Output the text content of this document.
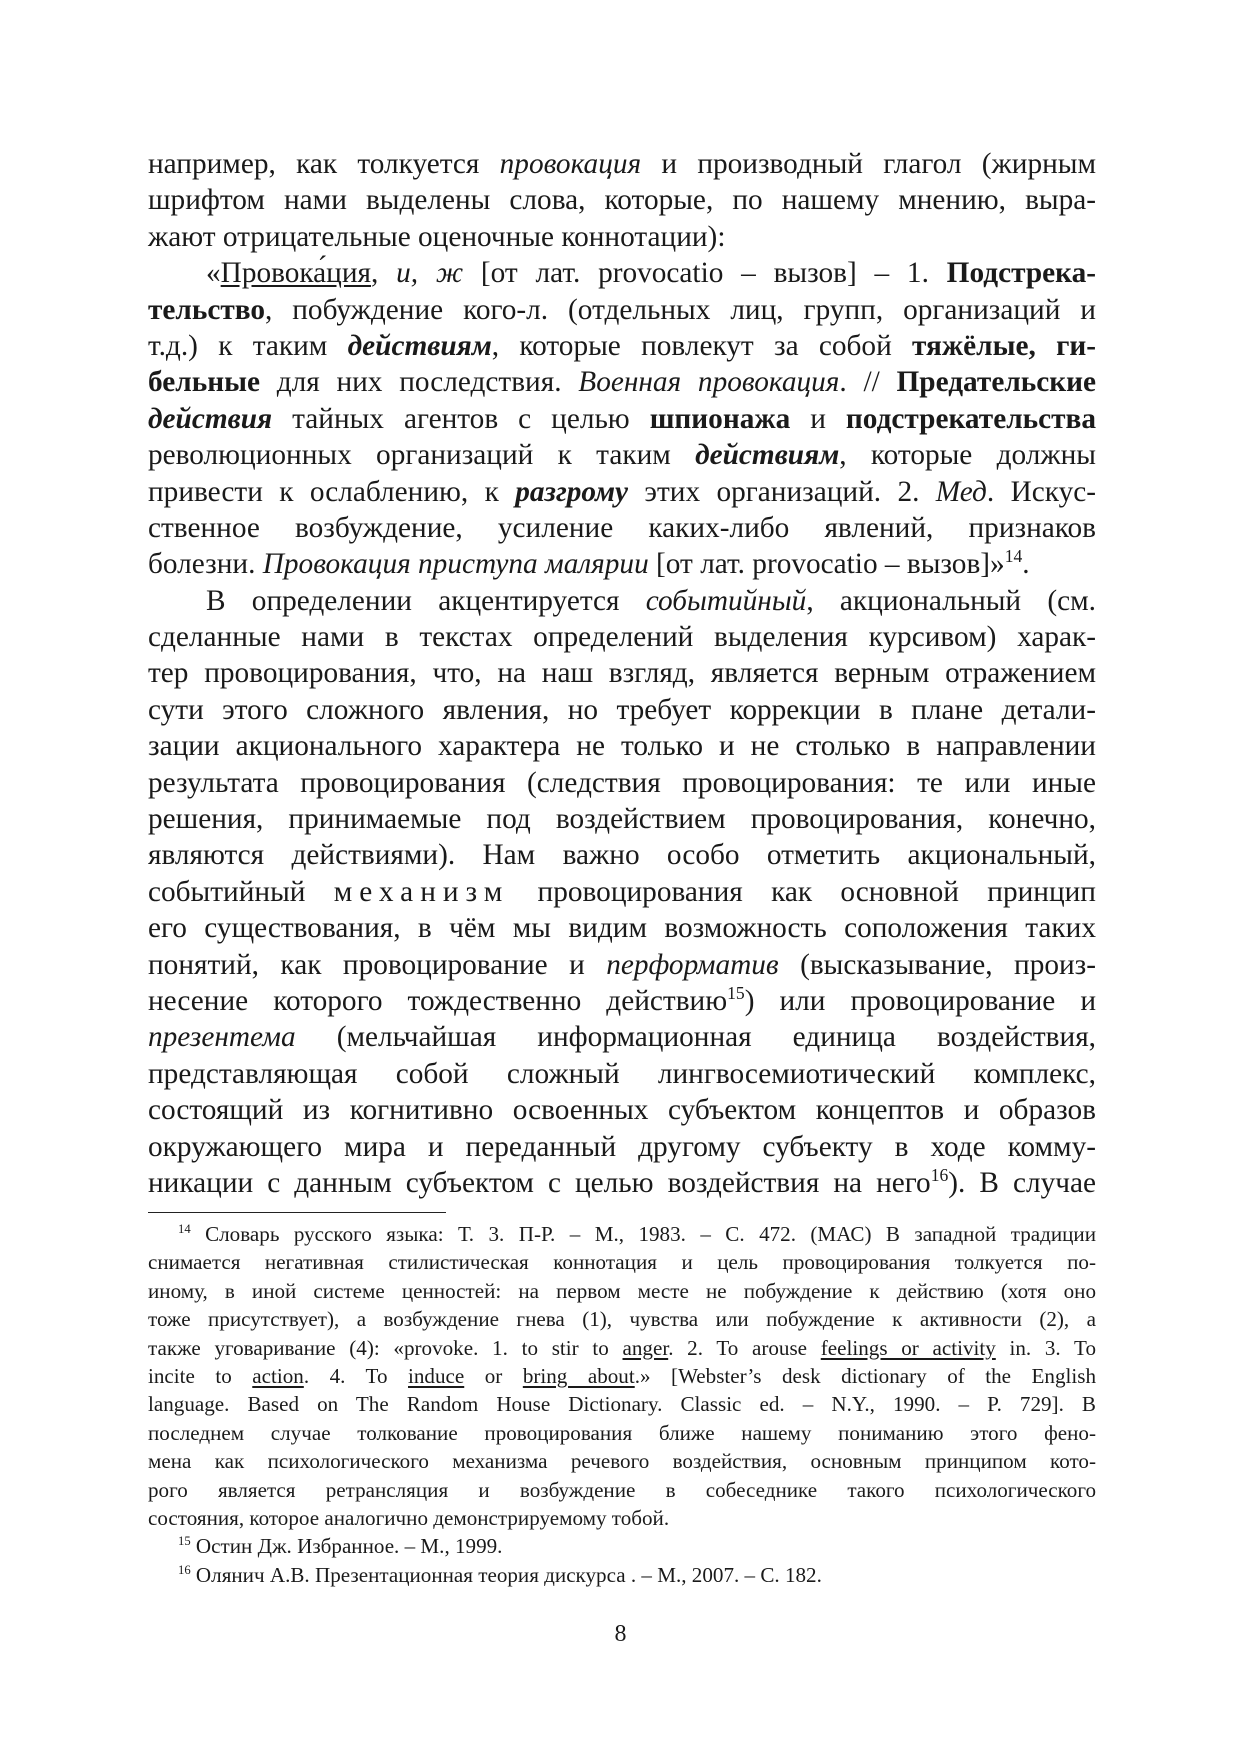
например, как толкуется провокация и производный глагол (жирным
шрифтом нами выделены слова, которые, по нашему мнению, выра-
жают отрицательные оценочные коннотации):
«Провока́ция, и, ж [от лат. provocatio – вызов] – 1. Подстрека-
тельство, побуждение кого-л. (отдельных лиц, групп, организаций и
т.д.) к таким действиям, которые повлекут за собой тяжёлые, ги-
бельные для них последствия. Военная провокация. // Предательские
действия тайных агентов с целью шпионажа и подстрекательства
революционных организаций к таким действиям, которые должны
привести к ослаблению, к разгрому этих организаций. 2. Мед. Искус-
ственное возбуждение, усиление каких-либо явлений, признаков
болезни. Провокация приступа малярии [от лат. provocatio – вызов]»$^{14}$.
В определении акцентируется событийный, акциональный (см.
сделанные нами в текстах определений выделения курсивом) харак-
тер провоцирования, что, на наш взгляд, является верным отражением
сути этого сложного явления, но требует коррекции в плане детали-
зации акционального характера не только и не столько в направлении
результата провоцирования (следствия провоцирования: те или иные
решения, принимаемые под воздействием провоцирования, конечно,
являются действиями). Нам важно особо отметить акциональный,
событийный механизм провоцирования как основной принцип
его существования, в чём мы видим возможность соположения таких
понятий, как провоцирование и перформатив (высказывание, произ-
несение которого тождественно действию$^{15}$) или провоцирование и
презентема (мельчайшая информационная единица воздействия,
представляющая собой сложный лингвосемиотический комплекс,
состоящий из когнитивно освоенных субъектом концептов и образов
окружающего мира и переданный другому субъекту в ходе комму-
никации с данным субъектом с целью воздействия на него$^{16}$). В случае
$^{14}$ Словарь русского языка: Т. 3. П-Р. – М., 1983. – С. 472. (МАС) В западной традиции
снимается негативная стилистическая коннотация и цель провоцирования толкуется по-
иному, в иной системе ценностей: на первом месте не побуждение к действию (хотя оно
тоже присутствует), а возбуждение гнева (1), чувства или побуждение к активности (2), а
также уговаривание (4): «provoke. 1. to stir to anger. 2. To arouse feelings or activity in. 3. To
incite to action. 4. To induce or bring about.» [Webster’s desk dictionary of the English
language. Based on The Random House Dictionary. Classic ed. – N.Y., 1990. – P. 729]. В
последнем случае толкование провоцирования ближе нашему пониманию этого фено-
мена как психологического механизма речевого воздействия, основным принципом кото-
рого является ретрансляция и возбуждение в собеседнике такого психологического
состояния, которое аналогично демонстрируемому тобой.
$^{15}$ Остин Дж. Избранное. – М., 1999.
$^{16}$ Олянич А.В. Презентационная теория дискурса . – М., 2007. – С. 182.
8
